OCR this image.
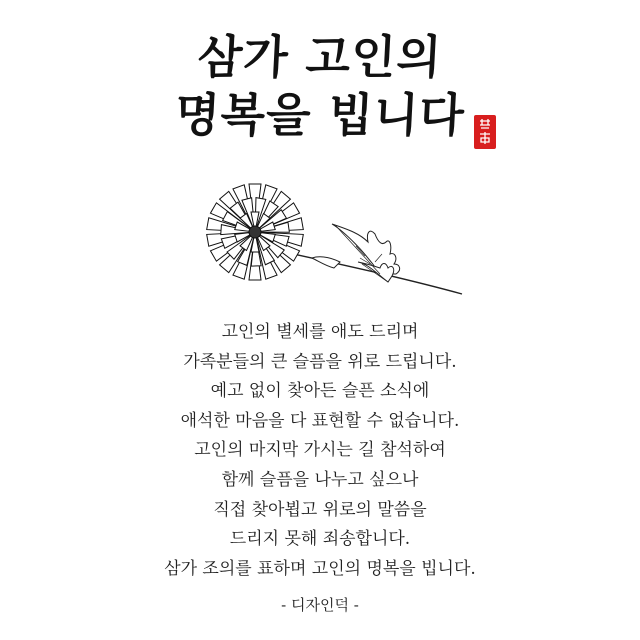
삼가 고인의
명복을 빕니다
고인의 별세를 애도 드리며
가족분들의 큰 슬픔을 위로 드립니다.
예고 없이 찾아든 슬픈 소식에
애석한 마음을 다 표현할 수 없습니다.
고인의 마지막 가시는 길 참석하여
함께 슬픔을 나누고 싶으나
직접 찾아뵙고 위로의 말씀을
드리지 못해 죄송합니다.
삼가 조의를 표하며 고인의 명복을 빕니다.
- 디자인덕 -
